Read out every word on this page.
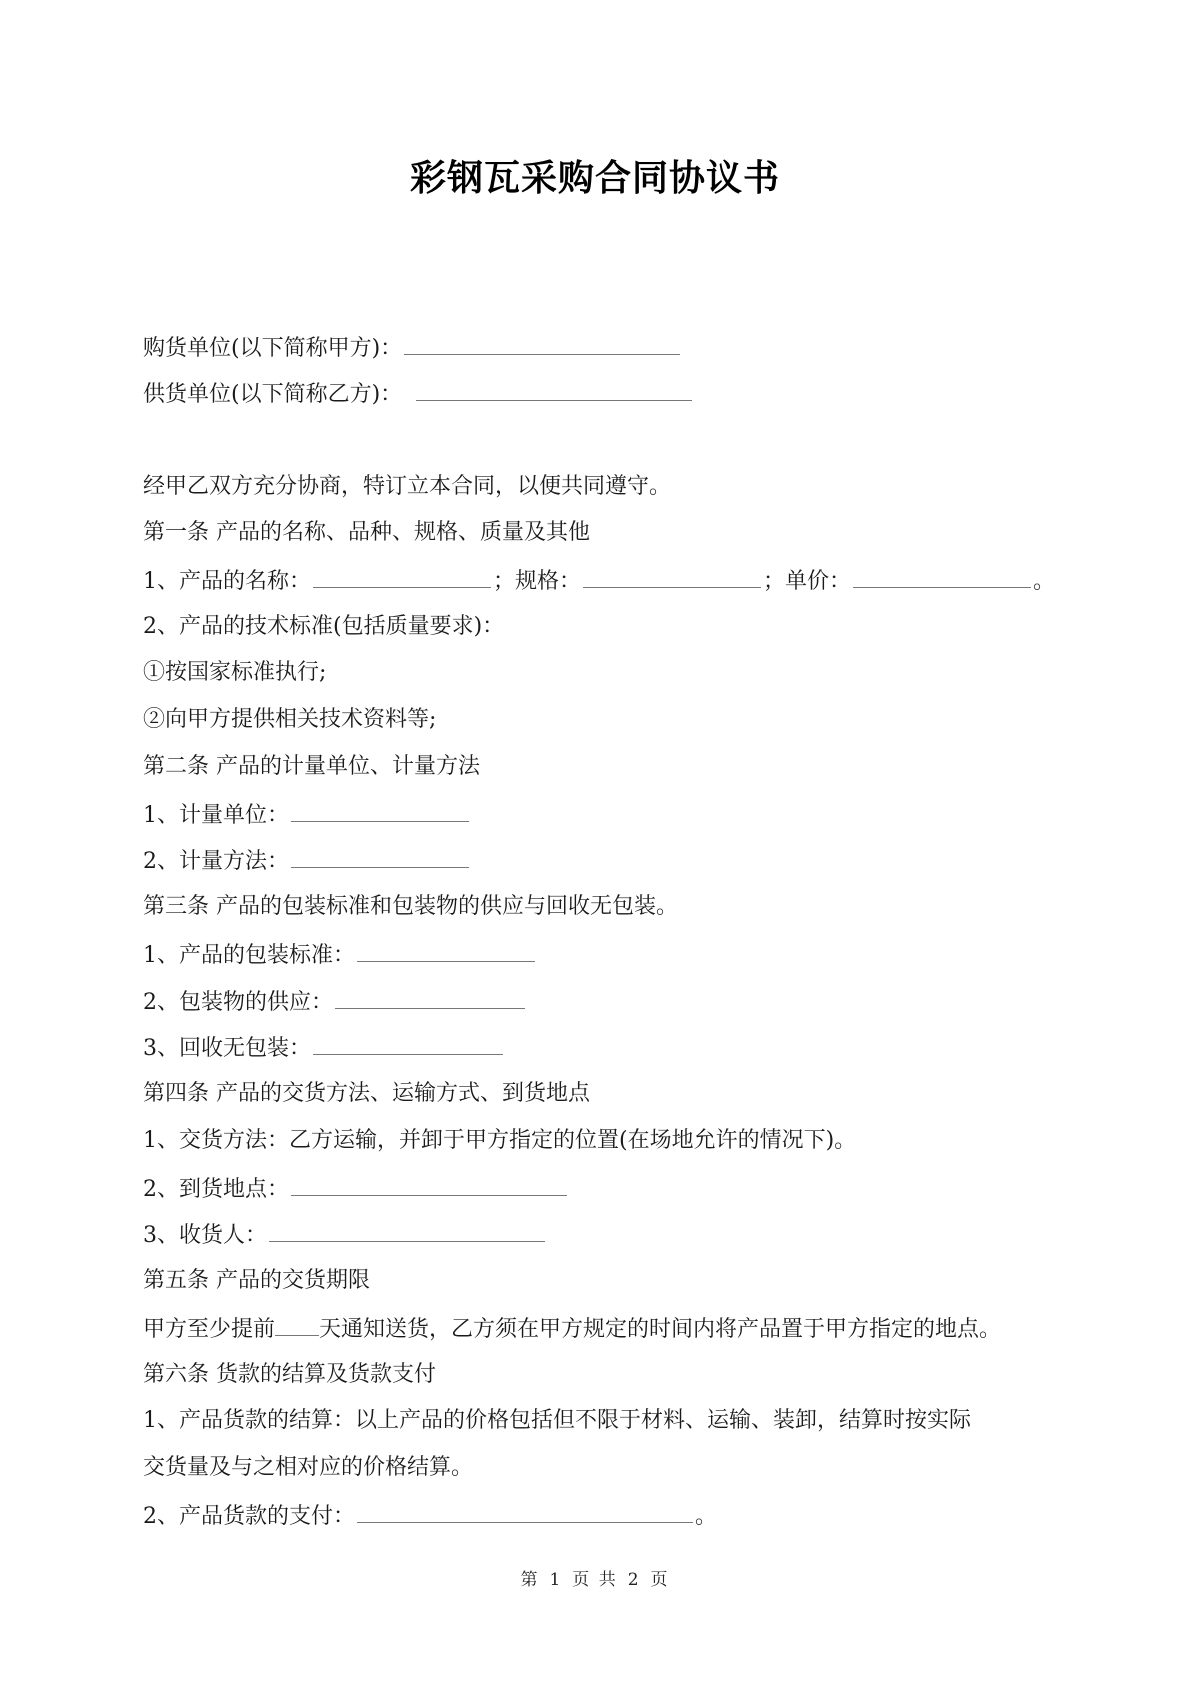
彩钢瓦采购合同协议书
购货单位(以下简称甲方)：
供货单位(以下简称乙方)：
经甲乙双方充分协商，特订立本合同，以便共同遵守。
第一条 产品的名称、品种、规格、质量及其他
1、产品的名称：	；规格：	；单价：	。
2、产品的技术标准(包括质量要求)：
①按国家标准执行;
②向甲方提供相关技术资料等;
第二条 产品的计量单位、计量方法
1、计量单位：
2、计量方法：
第三条 产品的包装标准和包装物的供应与回收无包装。
1、产品的包装标准：
2、包装物的供应：
3、回收无包装：
第四条 产品的交货方法、运输方式、到货地点
1、交货方法：乙方运输，并卸于甲方指定的位置(在场地允许的情况下)。
2、到货地点：
3、收货人：
第五条 产品的交货期限
甲方至少提前 天通知送货，乙方须在甲方规定的时间内将产品置于甲方指定的地点。
第六条 货款的结算及货款支付
1、产品货款的结算：以上产品的价格包括但不限于材料、运输、装卸，结算时按实际
交货量及与之相对应的价格结算。
2、产品货款的支付：	。
第 1 页 共 2 页
